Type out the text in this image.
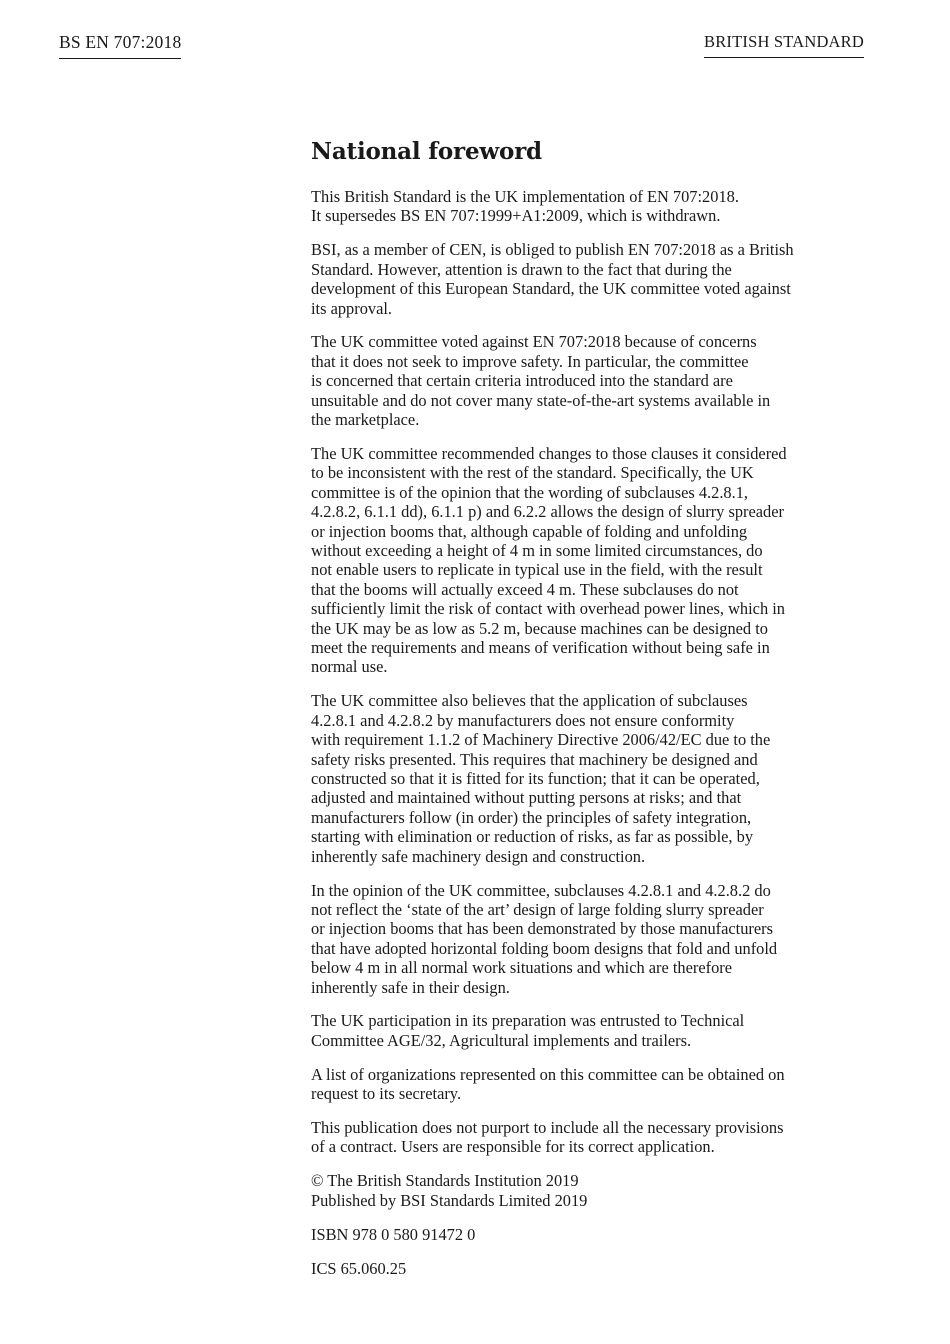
BS EN 707:2018	BRITISH STANDARD
National foreword

This British Standard is the UK implementation of EN 707:2018.
It supersedes BS EN 707:1999+A1:2009, which is withdrawn.

BSI, as a member of CEN, is obliged to publish EN 707:2018 as a British
Standard. However, attention is drawn to the fact that during the
development of this European Standard, the UK committee voted against
its approval.

The UK committee voted against EN 707:2018 because of concerns
that it does not seek to improve safety. In particular, the committee
is concerned that certain criteria introduced into the standard are
unsuitable and do not cover many state-of-the-art systems available in
the marketplace.

The UK committee recommended changes to those clauses it considered
to be inconsistent with the rest of the standard. Specifically, the UK
committee is of the opinion that the wording of subclauses 4.2.8.1,
4.2.8.2, 6.1.1 dd), 6.1.1 p) and 6.2.2 allows the design of slurry spreader
or injection booms that, although capable of folding and unfolding
without exceeding a height of 4 m in some limited circumstances, do
not enable users to replicate in typical use in the field, with the result
that the booms will actually exceed 4 m. These subclauses do not
sufficiently limit the risk of contact with overhead power lines, which in
the UK may be as low as 5.2 m, because machines can be designed to
meet the requirements and means of verification without being safe in
normal use.

The UK committee also believes that the application of subclauses
4.2.8.1 and 4.2.8.2 by manufacturers does not ensure conformity
with requirement 1.1.2 of Machinery Directive 2006/42/EC due to the
safety risks presented. This requires that machinery be designed and
constructed so that it is fitted for its function; that it can be operated,
adjusted and maintained without putting persons at risks; and that
manufacturers follow (in order) the principles of safety integration,
starting with elimination or reduction of risks, as far as possible, by
inherently safe machinery design and construction.

In the opinion of the UK committee, subclauses 4.2.8.1 and 4.2.8.2 do
not reflect the ‘state of the art’ design of large folding slurry spreader
or injection booms that has been demonstrated by those manufacturers
that have adopted horizontal folding boom designs that fold and unfold
below 4 m in all normal work situations and which are therefore
inherently safe in their design.

The UK participation in its preparation was entrusted to Technical
Committee AGE/32, Agricultural implements and trailers.

A list of organizations represented on this committee can be obtained on
request to its secretary.

This publication does not purport to include all the necessary provisions
of a contract. Users are responsible for its correct application.

© The British Standards Institution 2019
Published by BSI Standards Limited 2019

ISBN 978 0 580 91472 0

ICS 65.060.25
